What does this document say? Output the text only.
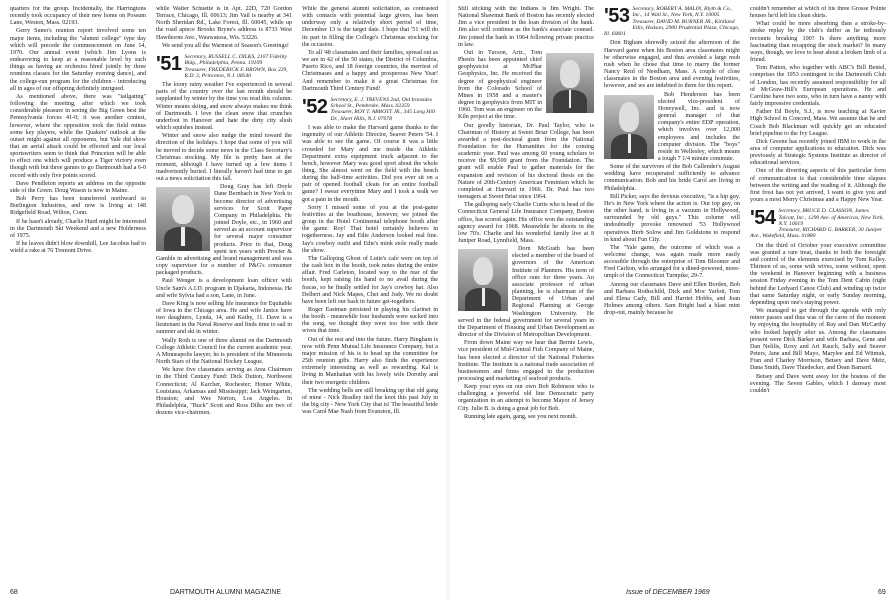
quarters for the group. Incidentally, the Harringtons recently took occupancy of their new home on Possum Lane, Weston, Mass. 02193.

Gerry Sumo's reunion report involved some ten major items, including the "alumni college" type day which will precede the commencement on June 14, 1970. Our annual event (which Jim Lyons is endeavoring to keep at a reasonable level by such things as having an orchestra hired jointly by three reunions classes for the Saturday evening dance), and the college-run program for the children - introducing all in ages of our offspring definitely intrigued.

As mentioned above, there was "tailgating" following the meeting, after which we took considerable pleasure in seeing the Big Green best the Pennsylvania forces 41-0; it was another contest, however, where the opposition took the field minus some key players, while the Quakers' outlook at the outset might against all opponents, but Yale did show that an aerial attack could be effected and our local sportswriters seem to think that Princeton will be able to effect one which will produce a Tiger victory even though with but three games to go Dartmouth had a 6-0 record with only five points scored.

Dave Pendleton reports an address on the opposite side of the Green. Doug Wason is now in Maine.

Bob Perry has been transferred northward to Burlington Industries, and now is living at 148 Ridgefield Road, Wilton, Conn.

If he hasn't already, Charlie Hurd might be interested in the Dartmouth Ski Weekend and a new Holderness of 1975.

If he leaves didn't blow downhill, Lee Jacobus had to wield a rake at 76 Tremont Drive.

while Walter Schuette is in Apt. 22D, 720 Gordon Terrace, Chicago, Ill. 60613; Jim Vail is nearby at 341 North Sheridan Rd., Lake Forest, Ill. 60045, while up the road apiece Brooks Bryne's address is 8733 West Hawthorne Ave., Wauwatosa, Wis. 53226.

We send you all the Warmest of Season's Greetings!

'51 Secretary, RUSSELL C. DILKS, 2107 Fidelity Bldg., Philadelphia, Penna. 19109
Treasurer, FREDERICK F. BROWN, Box 229, R.D. 3, Princeton, N.J. 08540

The loony rainy weather I've experienced in several parts of the country over the last month should be supplanted by winter by the time you read this column. Winter means skiing, and snow always makes me think of Dartmouth. I love the clean snow that crunches underfoot in Hanover and hate the dirty city slush which squishes instead.

Winter and snow also nudge the mind toward the direction of the holidays. I hope that some of you will be moved to decide some news in the Class Secretary's Christmas stocking. My file is pretty bare at the moment, although I have turned up a few items I inadvertently buried. I literally haven't had time to get out a news solicitation this fall.

Doug Gray has left Doyle Dane Bernbach in New York to become director of advertising services for Scott Paper Company in Philadelphia. He joined Doyle, etc., in 1960 and served as an account supervisor for several major consumer products. Prior to that, Doug spent ten years with Procter & Gamble in advertising and brand management and was copy supervisor for a number of P&G's consumer packaged products.

Paul Wenger is a development loan officer with Uncle Sam's A.I.D. program in Djakarta, Indonesia. He and wife Sylvia had a son, Lane, in June.

Dave King is now selling life insurance for Equitable of Iowa in the Chicago area. He and wife Janice have two daughters, Lynda, 14, and Kathy, 11. Dave is a lieutenant in the Naval Reserve and finds time to sail in summer and ski in winter.

Wally Roth is one of three alumni on the Dartmouth College Athletic Council for the current academic year. A Minneapolis lawyer, he is president of the Minnesota North Stars of the National Hockey League.

We have five classmates serving as Area Chairmen in the Third Century Fund: Dick Dutton, Northwest Connecticut; Al Karcher, Rochester; Homer White, Louisiana, Arkansas and Mississippi; Jack Weingarten, Houston; and Wes Norton, Los Angeles. In Philadelphia, "Buck" Scott and Ross Dilks are two of dozens vice-chairmen.

While the general alumni solicitation, as contrasted with contacts with potential large givers, has been underway only a relatively short period of time, December 13 is the target date. I hope that '51 will do its part in filling the College's Christmas stocking for the occasion.

To all '48 classmates and their families, spread out as we are in 42 of the 50 states, the District of Columbia, Puerto Rico, and 18 foreign countries, the merriest of Christmases and a happy and prosperous New Year! And remember to make it a great Christmas for Dartmouth Third Century Fund!

'52 Secretary, E. J. TREVENS 2nd, Old Ironsides School St., Pembroke, Mass. 02359
Treasurer, ROY T. ABBOTT JR., 345 Long Hill Dr., Short Hills, N.J. 07078

I was able to make the Harvard game thanks to the ingenuity of our Athletic Director, Seaver Peters '54. I was able to see the game. Of course it was a little crowded for Mary and me inside the Athletic Department extra equipment truck adjacent to the bench, however Mary was good sport about the whole thing. She almost went on the field with the bench during the half-time activities. Did you ever sit on a pair of opened football cleats for an entire football game? I swear everytime Mary and I took a walk we got a pain in the mouth.

Sorry I missed some of you at the post-game festivities at the boathouse, however, we joined the group in the Hotel Continental telephone booth after the game. Roy! That hotel certainly believes in togetherness. Jay and Edie Anderson looked real fine. Jay's cowboy outfit and Edie's mink stole really made the show.

The Galloping Ghost of Lutie's cafe were on top of the cash box in the booth, took notes during the entire affair. Fred Carleton, located way to the rear of the booth, kept raising his hand to no avail during the fracas, so he finally settled for Jay's cowboy hat. Also Delbert and Nick Mapes, Chet and Judy. We no doubt have been left our bash in future get-togethers.

Roger Eastman persisted in playing his clarinet in the booth - meanwhile four husbands were sucked into the song, we thought they were too free with their wives that time.

Out of the rest and into the future. Harry Bingham is now with Penn Mutual Life Insurance Company, but a major mission of his is to head up the committee for 25th reunion gifts. Harry also finds the experience extremely interesting as well as rewarding. Kal is living in Manhattan with his lovely wife Dorothy and their two energetic children.

The wedding bells are still breaking up that old gang of mine - Nick Bradley tied the knot this past July in the big city - New York City that is! The beautiful bride was Carol Mae Nash from Evanston, Ill.

68	DARTMOUTH ALUMNI MAGAZINE

Still sticking with the Indians is Jim Wright. The National Shawmut Bank of Boston has recently elected Jim a vice president in the loan division of the bank. Jim also will continue as the bank's associate counsel. Jim joined the bank in 1964 following private practice in law.

Out in Tucson, Ariz., Tom Phenix has been appointed chief geophysicist at McPhar Geophysics, Inc. He received the degree of geophysical engineer from the Colorado School of Mines in 1958 and a master's degree in geophysics from MIT in 1960. Tom was an engineer on the Kiln project at the time.

Our goodly historian, Dr. Paul Taylor, who is Chairman of History at Sweet Briar College, has been awarded a post-doctoral grant from the National Foundation for the Humanities for the coming academic year. Paul was among 60 young scholars to receive the $9,500 grant from the Foundation. The grant will enable Paul to gather materials for the expansion and revision of his doctoral thesis on the Nature of 20th-Century American Feminism which he completed at Harvard in 1966. Dr. Paul has two teenagers at Sweet Briar since 1964.

The galloping early Charlie Curtis who is head of the Connecticut General Life Insurance Company, Boston office, has scored again. His office won the outstanding agency award for 1968. Meanwhile he shoots in the low 70's. Charlie and his wonderful family live at 8 Juniper Road, Lynnfield, Mass.

Dorn McGrath has been elected a member of the board of governors of the American Institute of Planners. His term of office runs for three years. An associate professor of urban planning, he is chairman of the Department of Urban and Regional Planning at George Washington University. He served in the federal government for several years in the Department of Housing and Urban Development as director of the Division of Metropolitan Development.

From down Maine way we hear that Bernie Lewis, vice president of Mid-Central Fish Company of Maine, has been elected a director of the National Fisheries Institute. The Institute is a national trade association of businessmen and firms engaged in the production processing and marketing of seafood products.

Keep your eyes on our own Bob Robinson who is challenging a powerful old line Democratic party organization in an attempt to become Mayor of Jersey City. Julie B. is doing a great job for Bob.

Running late again, gang, see you next month.

'53 Secretary, ROBERT A. MALIN, Blyth & Co., Inc., 14 Wall St., New York, N.Y. 10005
Treasurer, DAVID M. BURNER JR., Kirkland Ellis, Hodson, 2900 Prudential Plaza, Chicago, Ill. 60601

Don Bigham shrewdly seized the afternoon of the Harvard game when his Boston area classmates might be otherwise engaged, and thus avoided a large mob rush when he chose that time to marry the former Nancy Reid of Needham, Mass. A couple of close classmates in the Boston area and evening festivities, however, and we are indebted to them for this report.

Bob Henderson has been elected vice-president of Honeywell, Inc. and is now general manager of that company's entire EDP operation, which involves over 12,000 employees and includes the computer division. The "boys" reside in Wellesley, which means a tough 7 1/4 minute commute.

Some of the survivors of the Bob Callender's August wedding have recuperated sufficiently to advance communication. Bob and his bride Carol are living in Philadelphia.

Bill Picker, says the devious executive, "is a hip guy. He's in New York where the action is. Our top guy, on the other hand, is living in a vacuum in Hollywood, surrounded by old guys." This column will undoubtedly provoke renowned '53 Hollywood operatives Herb Solow and Jim Goldstone to respond in kind about Fun City.

The "Yale game, the outcome of which was a welcome change, was again made more easily accessible through the enterprise of Tom Bloomer and Fred Carlton, who arranged for a dined-powered, more-umph of the Connecticut Turnpike, 29-7.

Among our classmates Dave and Ellen Borden, Bob and Barbara Rothschild, Dick and Moc Yarlott, Tom and Elena Cady, Bill and Harriet Hobbs, and Joan Holmes among others. Sam Bright had a blast mint drop-out, mainly because he

couldn't remember at which of his three Grosse Pointe houses he'd left his clean shirts.

What could be more absorbing than a stroke-by-stroke replay by the club's duffer as he tediously recounts breaking 100? Is there anything more fascinating than recapping the stock market? In many ways, though, we love to hear about a broken limb of a friend.

Tom Patton, who together with ABC's Bill Bentel, comprises the 1953 contingent to the Dartmouth Club of London, has recently assumed responsibility for all of McGraw-Hill's European operations. He and Caroline have two sons, who in turn have a nanny with fairly impressive credentials.

Father Ed Boyle, S.J., is now teaching at Xavier High School in Concord, Mass. We assume that he and Coach Bob Blackman will quickly get an educated brief pipeline to the Ivy League.

Dick Greene has recently joined IBM to work in the area of computer applications to education. Dick was previously at Strategic Systems Institute as director of educational services.

One of the diverting aspects of this particular form of communication is that considerable time elapses between the writing and the reading of it. Although the first frost has not yet arrived, I want to give you and yours a most Merry Christmas and a Happy New Year.

'54 Secretary, BRUCE D. CLASSON, James Talcott, Inc., 1290 Ave. of Americas, New York, N.Y. 10019
Treasurer, RICHARD G. BARKER, 30 Juniper Ave., Wakefield, Mass. 01880

On the third of October your executive committee was granted a rare treat, thanks to both the foresight and control of the elements exercised by Tom Kelley. Thirteen of us, some with wives, some without, spent the weekend in Hanover beginning with a business session Friday evening in the Tom Dent Cabin (right behind the Ledyard Canoe Club) and winding up twice that same Saturday night, or early Sunday morning, depending upon one's staying power.

We managed to get through the agenda with only minor passes and thus was of the cares of the moment by enjoying the hospitality of Ray and Dan McCarthy who looked happily after us. Among the classmates present were Dick Barker and wife Barbara, Gene and Dan Nelilis, Roxy and Art Rauch, Sally and Seaver Peters, Jane and Bill Mayo, Marylee and Ed Witmuk, Fran and Charley Morrison, Betsey and Dave Metz, Dana Smith, Dave Thiedecker, and Dean Barnard.

Betsey and Dave went away for the hostess of the evening. The Seven Gables, which I daresay most couldn't

Issue of DECEMBER 1969	69
